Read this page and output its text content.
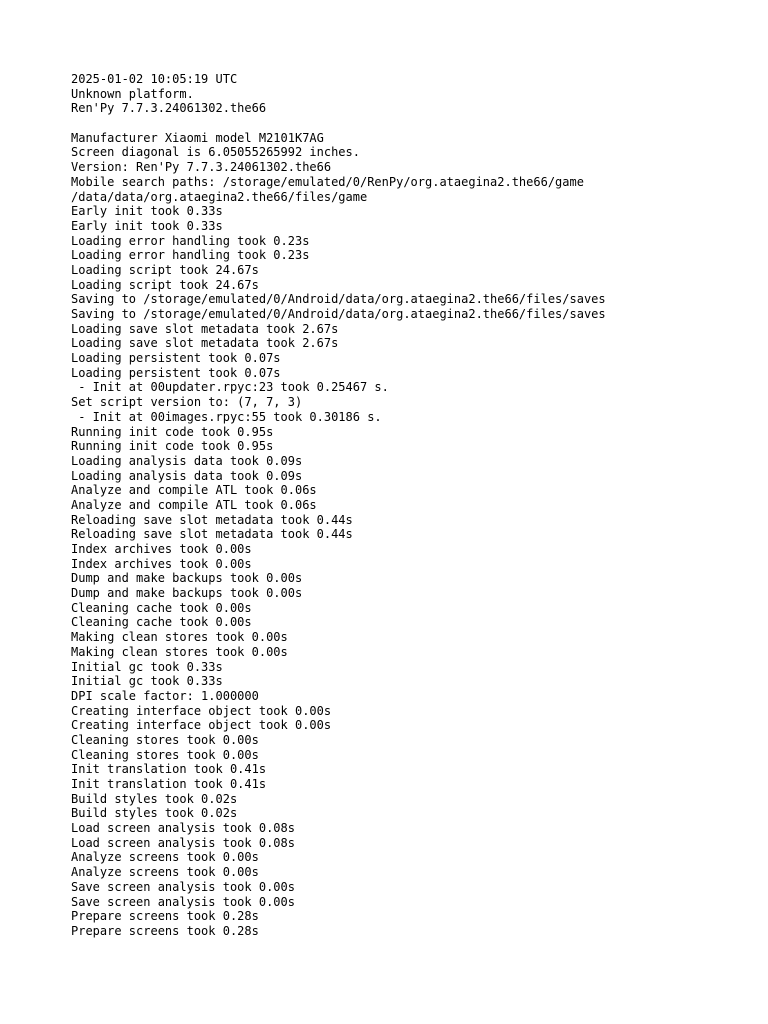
2025-01-02 10:05:19 UTC
Unknown platform.
Ren'Py 7.7.3.24061302.the66
Manufacturer Xiaomi model M2101K7AG
Screen diagonal is 6.05055265992 inches.
Version: Ren'Py 7.7.3.24061302.the66
Mobile search paths: /storage/emulated/0/RenPy/org.ataegina2.the66/game
/data/data/org.ataegina2.the66/files/game
Early init took 0.33s
Early init took 0.33s
Loading error handling took 0.23s
Loading error handling took 0.23s
Loading script took 24.67s
Loading script took 24.67s
Saving to /storage/emulated/0/Android/data/org.ataegina2.the66/files/saves
Saving to /storage/emulated/0/Android/data/org.ataegina2.the66/files/saves
Loading save slot metadata took 2.67s
Loading save slot metadata took 2.67s
Loading persistent took 0.07s
Loading persistent took 0.07s
- Init at 00updater.rpyc:23 took 0.25467 s.
Set script version to: (7, 7, 3)
- Init at 00images.rpyc:55 took 0.30186 s.
Running init code took 0.95s
Running init code took 0.95s
Loading analysis data took 0.09s
Loading analysis data took 0.09s
Analyze and compile ATL took 0.06s
Analyze and compile ATL took 0.06s
Reloading save slot metadata took 0.44s
Reloading save slot metadata took 0.44s
Index archives took 0.00s
Index archives took 0.00s
Dump and make backups took 0.00s
Dump and make backups took 0.00s
Cleaning cache took 0.00s
Cleaning cache took 0.00s
Making clean stores took 0.00s
Making clean stores took 0.00s
Initial gc took 0.33s
Initial gc took 0.33s
DPI scale factor: 1.000000
Creating interface object took 0.00s
Creating interface object took 0.00s
Cleaning stores took 0.00s
Cleaning stores took 0.00s
Init translation took 0.41s
Init translation took 0.41s
Build styles took 0.02s
Build styles took 0.02s
Load screen analysis took 0.08s
Load screen analysis took 0.08s
Analyze screens took 0.00s
Analyze screens took 0.00s
Save screen analysis took 0.00s
Save screen analysis took 0.00s
Prepare screens took 0.28s
Prepare screens took 0.28s
